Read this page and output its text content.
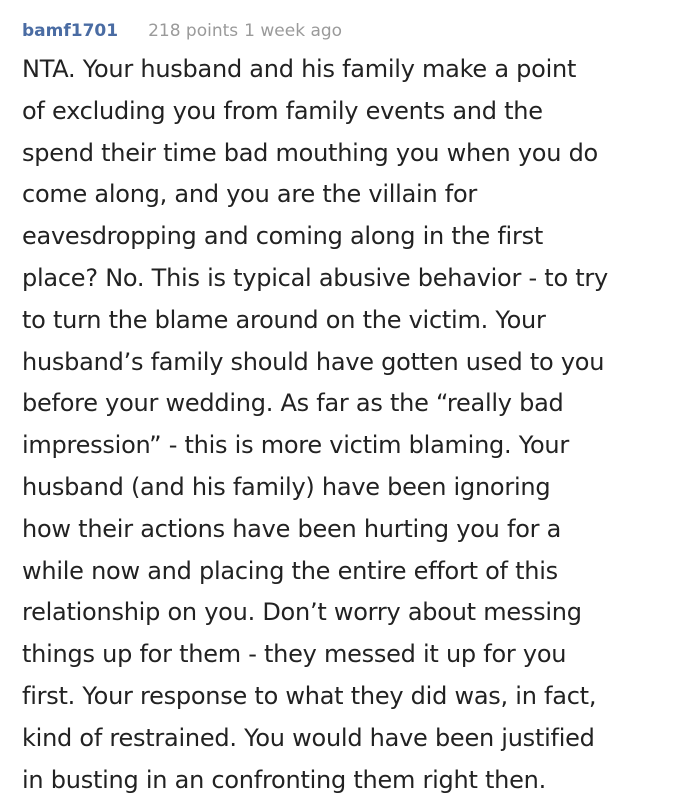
bamf1701 218 points 1 week ago

NTA. Your husband and his family make a point
of excluding you from family events and the
spend their time bad mouthing you when you do
come along, and you are the villain for
eavesdropping and coming along in the first
place? No. This is typical abusive behavior - to try
to turn the blame around on the victim. Your
husband’s family should have gotten used to you
before your wedding. As far as the “really bad
impression” - this is more victim blaming. Your
husband (and his family) have been ignoring
how their actions have been hurting you for a
while now and placing the entire effort of this
relationship on you. Don’t worry about messing
things up for them - they messed it up for you
first. Your response to what they did was, in fact,
kind of restrained. You would have been justified
in busting in an confronting them right then.
